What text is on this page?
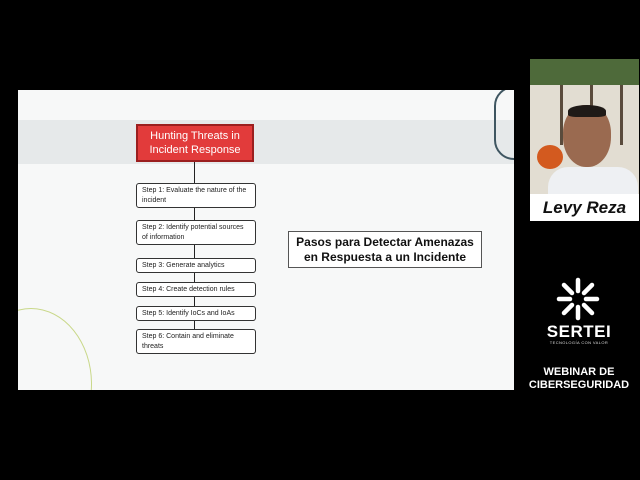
Hunting Threats in Incident Response
Step 1: Evaluate the nature of the incident
Step 2: Identify potential sources of information
Step 3: Generate analytics
Step 4: Create detection rules
Step 5: Identify IoCs and IoAs
Step 6: Contain and eliminate threats
Pasos para Detectar Amenazas en Respuesta a un Incidente
Levy Reza
SERTEI
TECNOLOGÍA CON VALOR
WEBINAR DE
CIBERSEGURIDAD
